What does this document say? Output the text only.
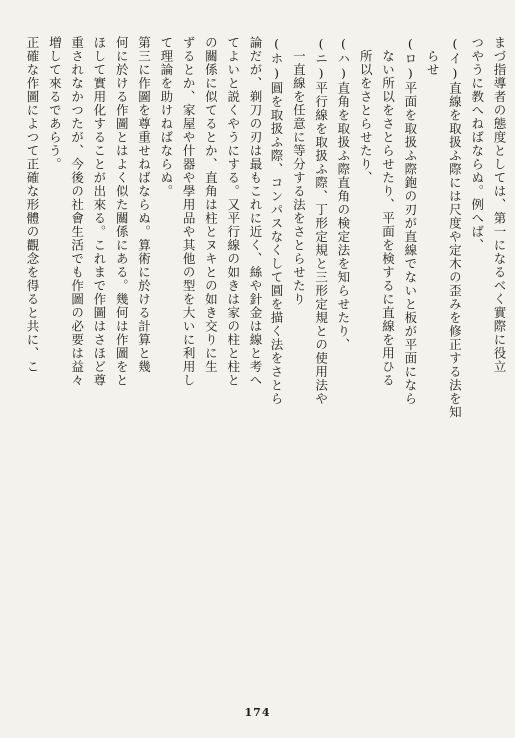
まづ指導者の態度としては、第一になるべく實際に役立
つやうに教へねばならぬ。例へば、
(イ)直線を取扱ふ際には尺度や定木の歪みを修正する法を知
　らせ
(ロ)平面を取扱ふ際鉋の刃が直線でないと板が平面になら
　ない所以をさとらせたり、平面を検するに直線を用ひる
　所以をさとらせたり、
(ハ)直角を取扱ふ際直角の検定法を知らせたり、
(ニ)平行線を取扱ふ際、丁形定規と三形定規との使用法や
　一直線を任意に等分する法をさとらせたり
(ホ)圓を取扱ふ際、コンパスなくして圓を描く法をさとら
論だが、剃刀の刃は最もこれに近く、絲や針金は線と考へ
てよいと説くやうにする。又平行線の如きは家の柱と柱と
の關係に似てるとか、直角は柱とヌキとの如き交りに生
ずるとか、家屋や什器や學用品や其他の型を大いに利用し
て理論を助けねばならぬ。
第三に作圖を尊重せねばならぬ。算術に於ける計算と幾
何に於ける作圖とはよく似た關係にある。幾何は作圖をと
ほして實用化することが出來る。これまで作圖はさほど尊
重されなかつたが、今後の社會生活でも作圖の必要は益々
増して來るであらう。
正確な作圖によつて正確な形體の觀念を得ると共に、こ
174
